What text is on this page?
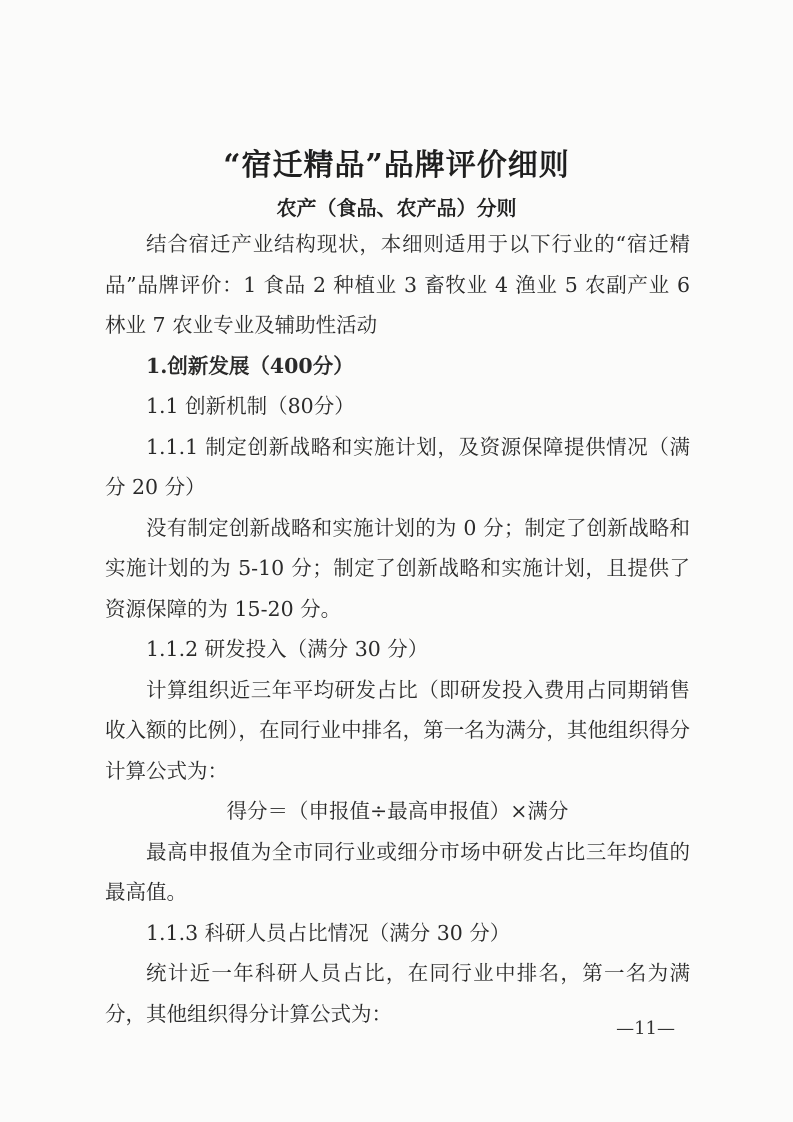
“宿迁精品”品牌评价细则
农产（食品、农产品）分则

结合宿迁产业结构现状，本细则适用于以下行业的“宿迁精品”品牌评价：1 食品 2 种植业 3 畜牧业 4 渔业 5 农副产业 6 林业 7 农业专业及辅助性活动

1.创新发展（400分）

1.1 创新机制（80分）

1.1.1 制定创新战略和实施计划，及资源保障提供情况（满分 20 分）

没有制定创新战略和实施计划的为 0 分；制定了创新战略和实施计划的为 5-10 分；制定了创新战略和实施计划，且提供了资源保障的为 15-20 分。

1.1.2 研发投入（满分 30 分）

计算组织近三年平均研发占比（即研发投入费用占同期销售收入额的比例），在同行业中排名，第一名为满分，其他组织得分计算公式为：

得分＝（申报值÷最高申报值）×满分

最高申报值为全市同行业或细分市场中研发占比三年均值的最高值。

1.1.3 科研人员占比情况（满分 30 分）

统计近一年科研人员占比，在同行业中排名，第一名为满分，其他组织得分计算公式为：

—11—
